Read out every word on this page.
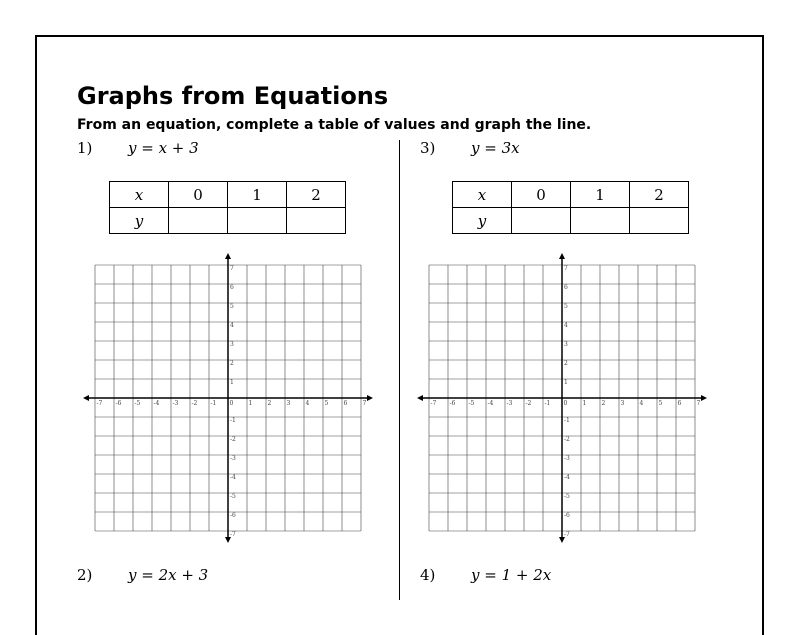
Graphs from Equations
From an equation, complete a table of values and graph the line.
1) y = x + 3
x	0	1	2
y			
-7 -6 -5 -4 -3 -2 -1 0	1	2	3	4	5	6	7
7
6
5
4
3
2
1
-1
-2
-3
-4
-5
-6
-7
3) y = 3x
x	0	1	2
y			
-7 -6 -5 -4 -3 -2 -1 0	1	2	3	4	5	6	7
7
6
5
4
3
2
1
-1
-2
-3
-4
-5
-6
-7
2) y = 2x + 3	4) y = 1 + 2x
